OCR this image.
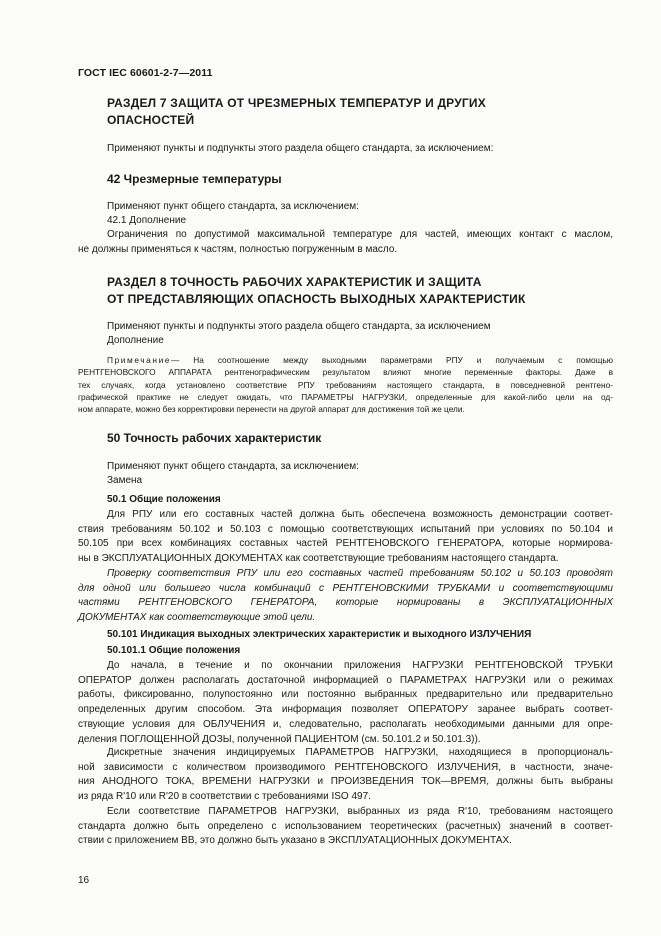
ГОСТ IEC 60601-2-7—2011
РАЗДЕЛ 7 ЗАЩИТА ОТ ЧРЕЗМЕРНЫХ ТЕМПЕРАТУР И ДРУГИХ
ОПАСНОСТЕЙ
Применяют пункты и подпункты этого раздела общего стандарта, за исключением:
42 Чрезмерные температуры
Применяют пункт общего стандарта, за исключением:
42.1 Дополнение
Ограничения по допустимой максимальной температуре для частей, имеющих контакт с маслом,
не должны применяться к частям, полностью погруженным в масло.
РАЗДЕЛ 8 ТОЧНОСТЬ РАБОЧИХ ХАРАКТЕРИСТИК И ЗАЩИТА
ОТ ПРЕДСТАВЛЯЮЩИХ ОПАСНОСТЬ ВЫХОДНЫХ ХАРАКТЕРИСТИК
Применяют пункты и подпункты этого раздела общего стандарта, за исключением
Дополнение
Примечание— На соотношение между выходными параметрами РПУ и получаемым с помощью
РЕНТГЕНОВСКОГО АППАРАТА рентгенографическим результатом влияют многие переменные факторы. Даже в
тех случаях, когда установлено соответствие РПУ требованиям настоящего стандарта, в повседневной рентгено-
графической практике не следует ожидать, что ПАРАМЕТРЫ НАГРУЗКИ, определенные для какой-либо цели на од-
ном аппарате, можно без корректировки перенести на другой аппарат для достижения той же цели.
50 Точность рабочих характеристик
Применяют пункт общего стандарта, за исключением:
Замена
50.1 Общие положения
Для РПУ или его составных частей должна быть обеспечена возможность демонстрации соответ-
ствия требованиям 50.102 и 50.103 с помощью соответствующих испытаний при условиях по 50.104 и
50.105 при всех комбинациях составных частей РЕНТГЕНОВСКОГО ГЕНЕРАТОРА, которые нормирова-
ны в ЭКСПЛУАТАЦИОННЫХ ДОКУМЕНТАХ как соответствующие требованиям настоящего стандарта.
Проверку соответствия РПУ или его составных частей требованиям 50.102 и 50.103 проводят
для одной или большего числа комбинаций с РЕНТГЕНОВСКИМИ ТРУБКАМИ и соответствующими
частями РЕНТГЕНОВСКОГО ГЕНЕРАТОРА, которые нормированы в ЭКСПЛУАТАЦИОННЫХ
ДОКУМЕНТАХ как соответствующие этой цели.
50.101 Индикация выходных электрических характеристик и выходного ИЗЛУЧЕНИЯ
50.101.1 Общие положения
До начала, в течение и по окончании приложения НАГРУЗКИ РЕНТГЕНОВСКОЙ ТРУБКИ
ОПЕРАТОР должен располагать достаточной информацией о ПАРАМЕТРАХ НАГРУЗКИ или о режимах
работы, фиксированно, полупостоянно или постоянно выбранных предварительно или предварительно
определенных другим способом. Эта информация позволяет ОПЕРАТОРУ заранее выбрать соответ-
ствующие условия для ОБЛУЧЕНИЯ и, следовательно, располагать необходимыми данными для опре-
деления ПОГЛОЩЕННОЙ ДОЗЫ, полученной ПАЦИЕНТОМ (см. 50.101.2 и 50.101.3)).
Дискретные значения индицируемых ПАРАМЕТРОВ НАГРУЗКИ, находящиеся в пропорциональ-
ной зависимости с количеством производимого РЕНТГЕНОВСКОГО ИЗЛУЧЕНИЯ, в частности, значе-
ния АНОДНОГО ТОКА, ВРЕМЕНИ НАГРУЗКИ и ПРОИЗВЕДЕНИЯ ТОК—ВРЕМЯ, должны быть выбраны
из ряда R'10 или R'20 в соответствии с требованиями ISO 497.
Если соответствие ПАРАМЕТРОВ НАГРУЗКИ, выбранных из ряда R'10, требованиям настоящего
стандарта должно быть определено с использованием теоретических (расчетных) значений в соответ-
ствии с приложением ВВ, это должно быть указано в ЭКСПЛУАТАЦИОННЫХ ДОКУМЕНТАХ.
16
